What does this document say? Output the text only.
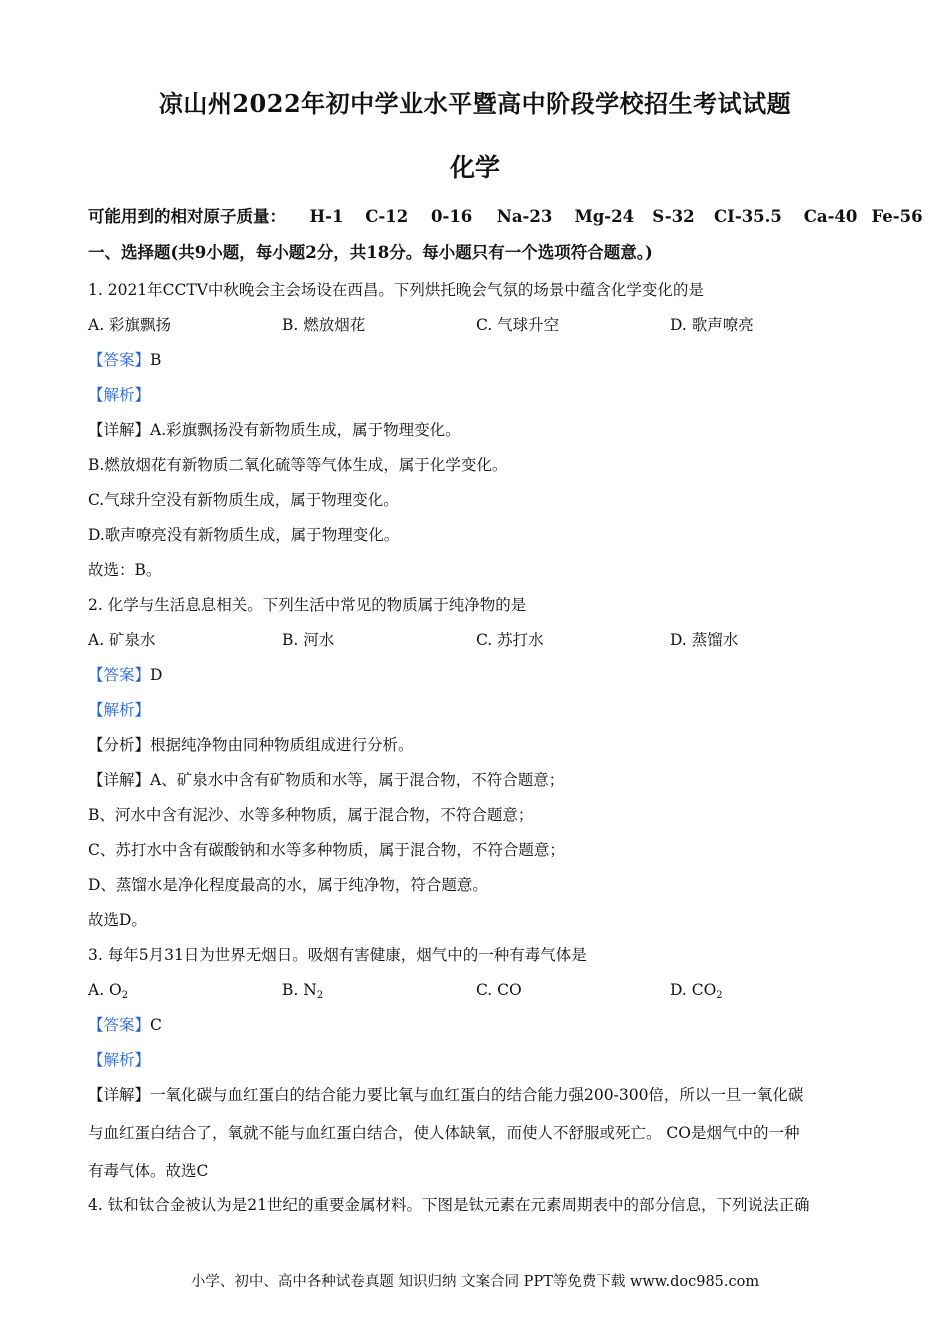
凉山州2022年初中学业水平暨高中阶段学校招生考试试题
化学
可能用到的相对原子质量： H-1 C-12 0-16 Na-23 Mg-24 S-32 CI-35.5 Ca-40 Fe-56
一、选择题(共9小题，每小题2分，共18分。每小题只有一个选项符合题意。)
1. 2021年CCTV中秋晚会主会场设在西昌。下列烘托晚会气氛的场景中蕴含化学变化的是
A. 彩旗飘扬	B. 燃放烟花	C. 气球升空	D. 歌声嘹亮
【答案】B
【解析】
【详解】A.彩旗飘扬没有新物质生成，属于物理变化。
B.燃放烟花有新物质二氧化硫等等气体生成，属于化学变化。
C.气球升空没有新物质生成，属于物理变化。
D.歌声嘹亮没有新物质生成，属于物理变化。
故选：B。
2. 化学与生活息息相关。下列生活中常见的物质属于纯净物的是
A. 矿泉水	B. 河水	C. 苏打水	D. 蒸馏水
【答案】D
【解析】
【分析】根据纯净物由同种物质组成进行分析。
【详解】A、矿泉水中含有矿物质和水等，属于混合物，不符合题意；
B、河水中含有泥沙、水等多种物质，属于混合物，不符合题意；
C、苏打水中含有碳酸钠和水等多种物质，属于混合物，不符合题意；
D、蒸馏水是净化程度最高的水，属于纯净物，符合题意。
故选D。
3. 每年5月31日为世界无烟日。吸烟有害健康，烟气中的一种有毒气体是
A. $O_2$	B. $N_2$	C. CO	D. $CO_2$
【答案】C
【解析】
【详解】一氧化碳与血红蛋白的结合能力要比氧与血红蛋白的结合能力强200-300倍，所以一旦一氧化碳
与血红蛋白结合了，氧就不能与血红蛋白结合，使人体缺氧，而使人不舒服或死亡。 CO是烟气中的一种
有毒气体。故选C
4. 钛和钛合金被认为是21世纪的重要金属材料。下图是钛元素在元素周期表中的部分信息，下列说法正确
小学、初中、高中各种试卷真题 知识归纳 文案合同 PPT等免费下载 www.doc985.com
